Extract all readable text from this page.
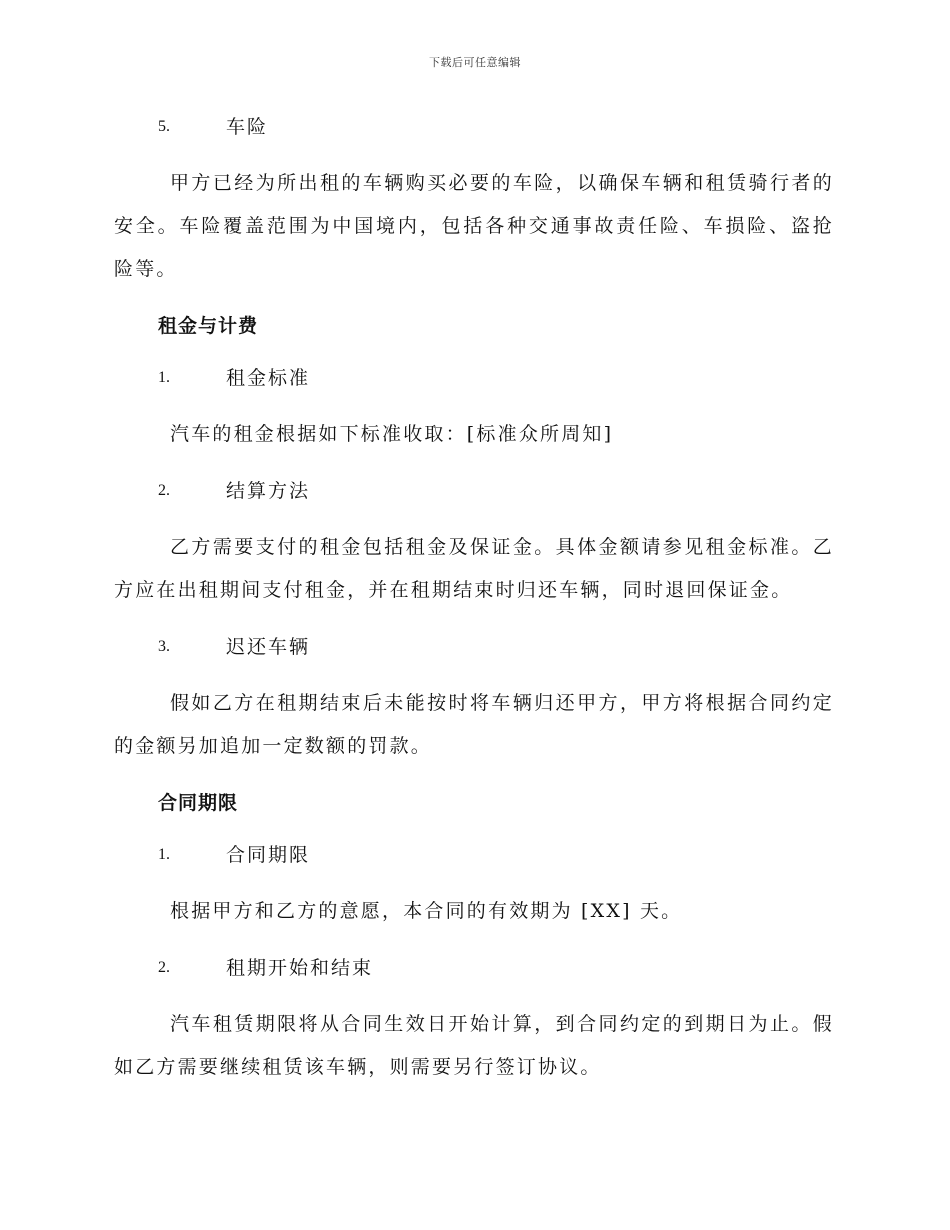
下载后可任意编辑
5.	车险

甲方已经为所出租的车辆购买必要的车险，以确保车辆和租赁骑行者的安全。车险覆盖范围为中国境内，包括各种交通事故责任险、车损险、盗抢险等。

租金与计费
1.	租金标准

汽车的租金根据如下标准收取：[标准众所周知]

2.	结算方法

乙方需要支付的租金包括租金及保证金。具体金额请参见租金标准。乙方应在出租期间支付租金，并在租期结束时归还车辆，同时退回保证金。

3.	迟还车辆

假如乙方在租期结束后未能按时将车辆归还甲方，甲方将根据合同约定的金额另加追加一定数额的罚款。

合同期限
1.	合同期限

根据甲方和乙方的意愿，本合同的有效期为 [XX] 天。

2.	租期开始和结束

汽车租赁期限将从合同生效日开始计算，到合同约定的到期日为止。假如乙方需要继续租赁该车辆，则需要另行签订协议。
